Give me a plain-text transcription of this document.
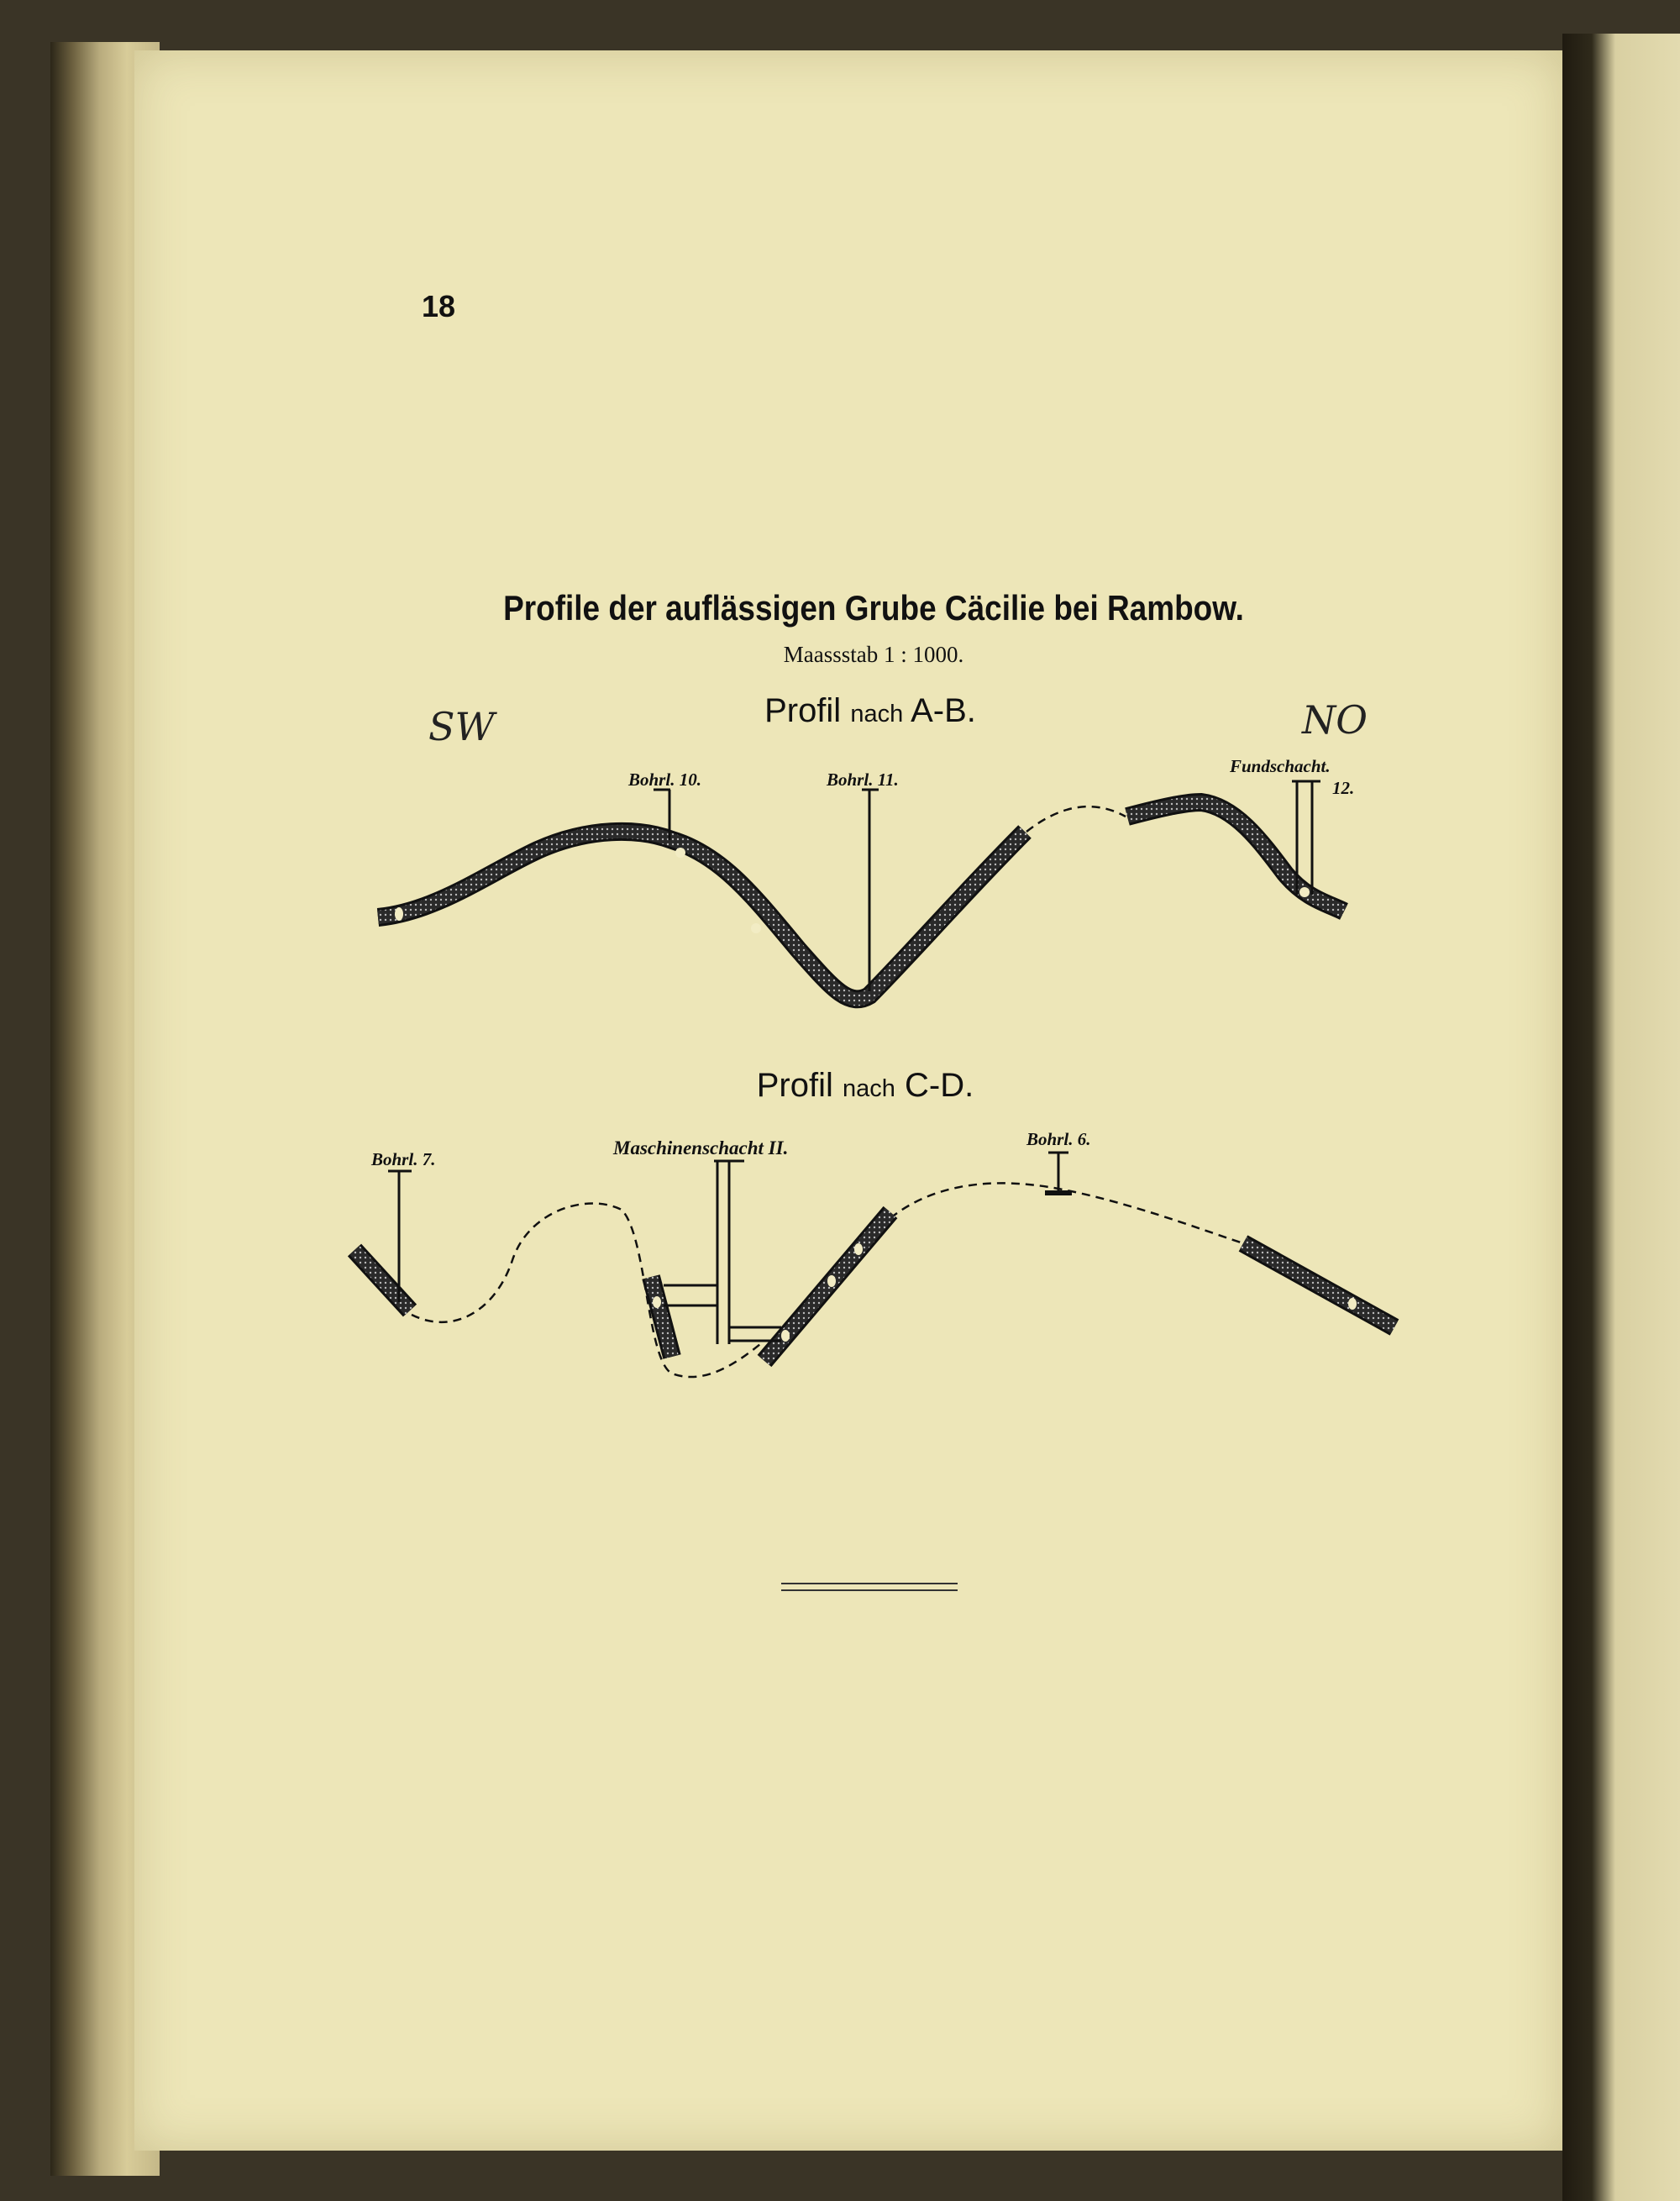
18
Profile der auflässigen Grube Cäcilie bei Rambow.
Maassstab 1 : 1000.
Profil nach A-B.
SW	NO
Bohrl. 10.	Bohrl. 11.
Fundschacht.
12.
Profil nach C-D.
Bohrl. 7.
Maschinenschacht II.	Bohrl. 6.
